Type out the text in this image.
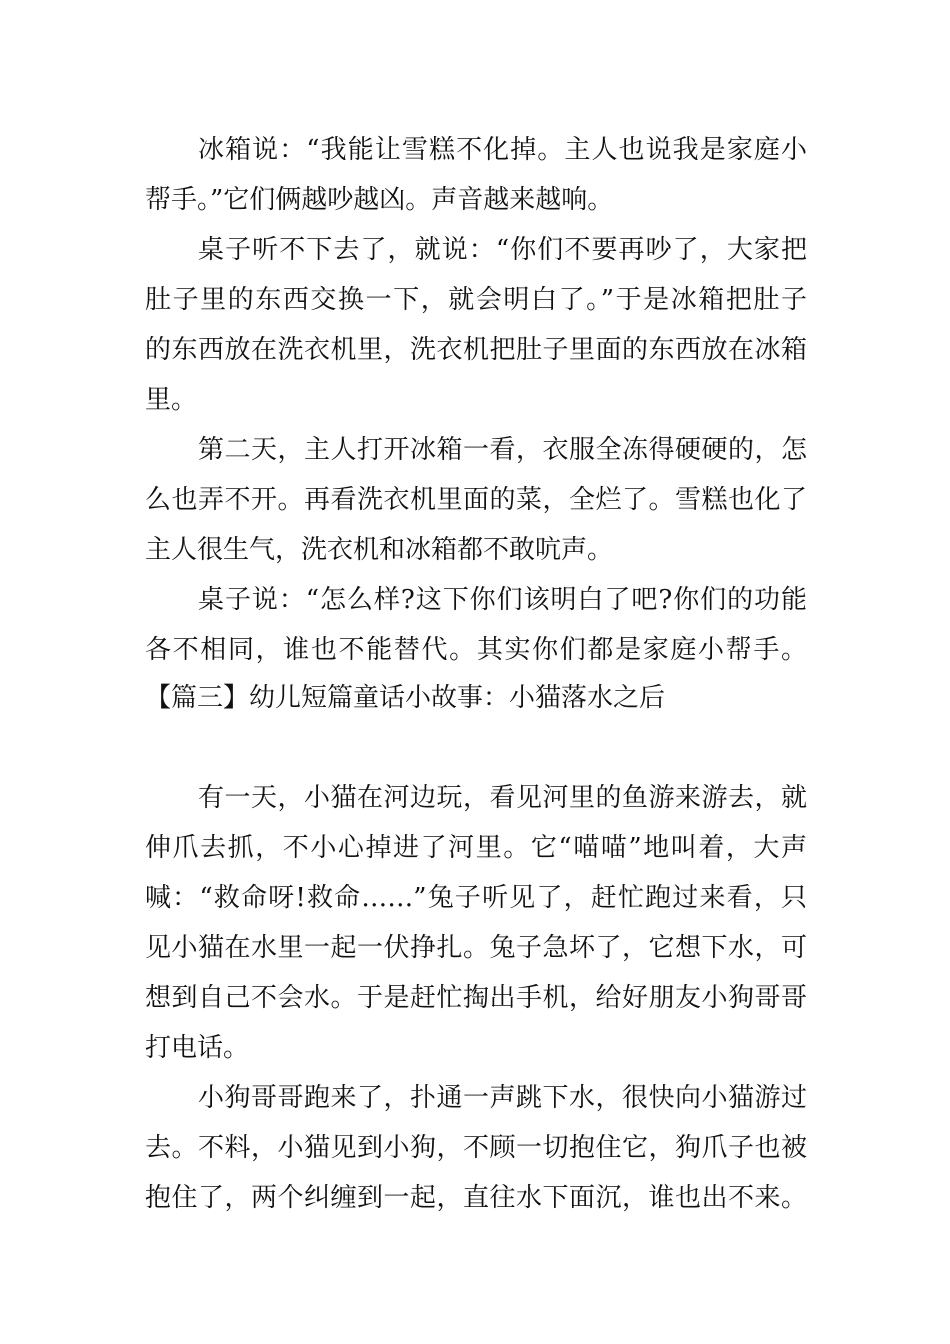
冰箱说：“我能让雪糕不化掉。主人也说我是家庭小
帮手。”它们俩越吵越凶。声音越来越响。
桌子听不下去了，就说：“你们不要再吵了，大家把
肚子里的东西交换一下，就会明白了。”于是冰箱把肚子
的东西放在洗衣机里，洗衣机把肚子里面的东西放在冰箱
里。
第二天，主人打开冰箱一看，衣服全冻得硬硬的，怎
么也弄不开。再看洗衣机里面的菜，全烂了。雪糕也化了
主人很生气，洗衣机和冰箱都不敢吭声。
桌子说：“怎么样?这下你们该明白了吧?你们的功能
各不相同，谁也不能替代。其实你们都是家庭小帮手。
【篇三】幼儿短篇童话小故事：小猫落水之后
有一天，小猫在河边玩，看见河里的鱼游来游去，就
伸爪去抓，不小心掉进了河里。它“喵喵”地叫着，大声
喊：“救命呀!救命……”兔子听见了，赶忙跑过来看，只
见小猫在水里一起一伏挣扎。兔子急坏了，它想下水，可
想到自己不会水。于是赶忙掏出手机，给好朋友小狗哥哥
打电话。
小狗哥哥跑来了，扑通一声跳下水，很快向小猫游过
去。不料，小猫见到小狗，不顾一切抱住它，狗爪子也被
抱住了，两个纠缠到一起，直往水下面沉，谁也出不来。
